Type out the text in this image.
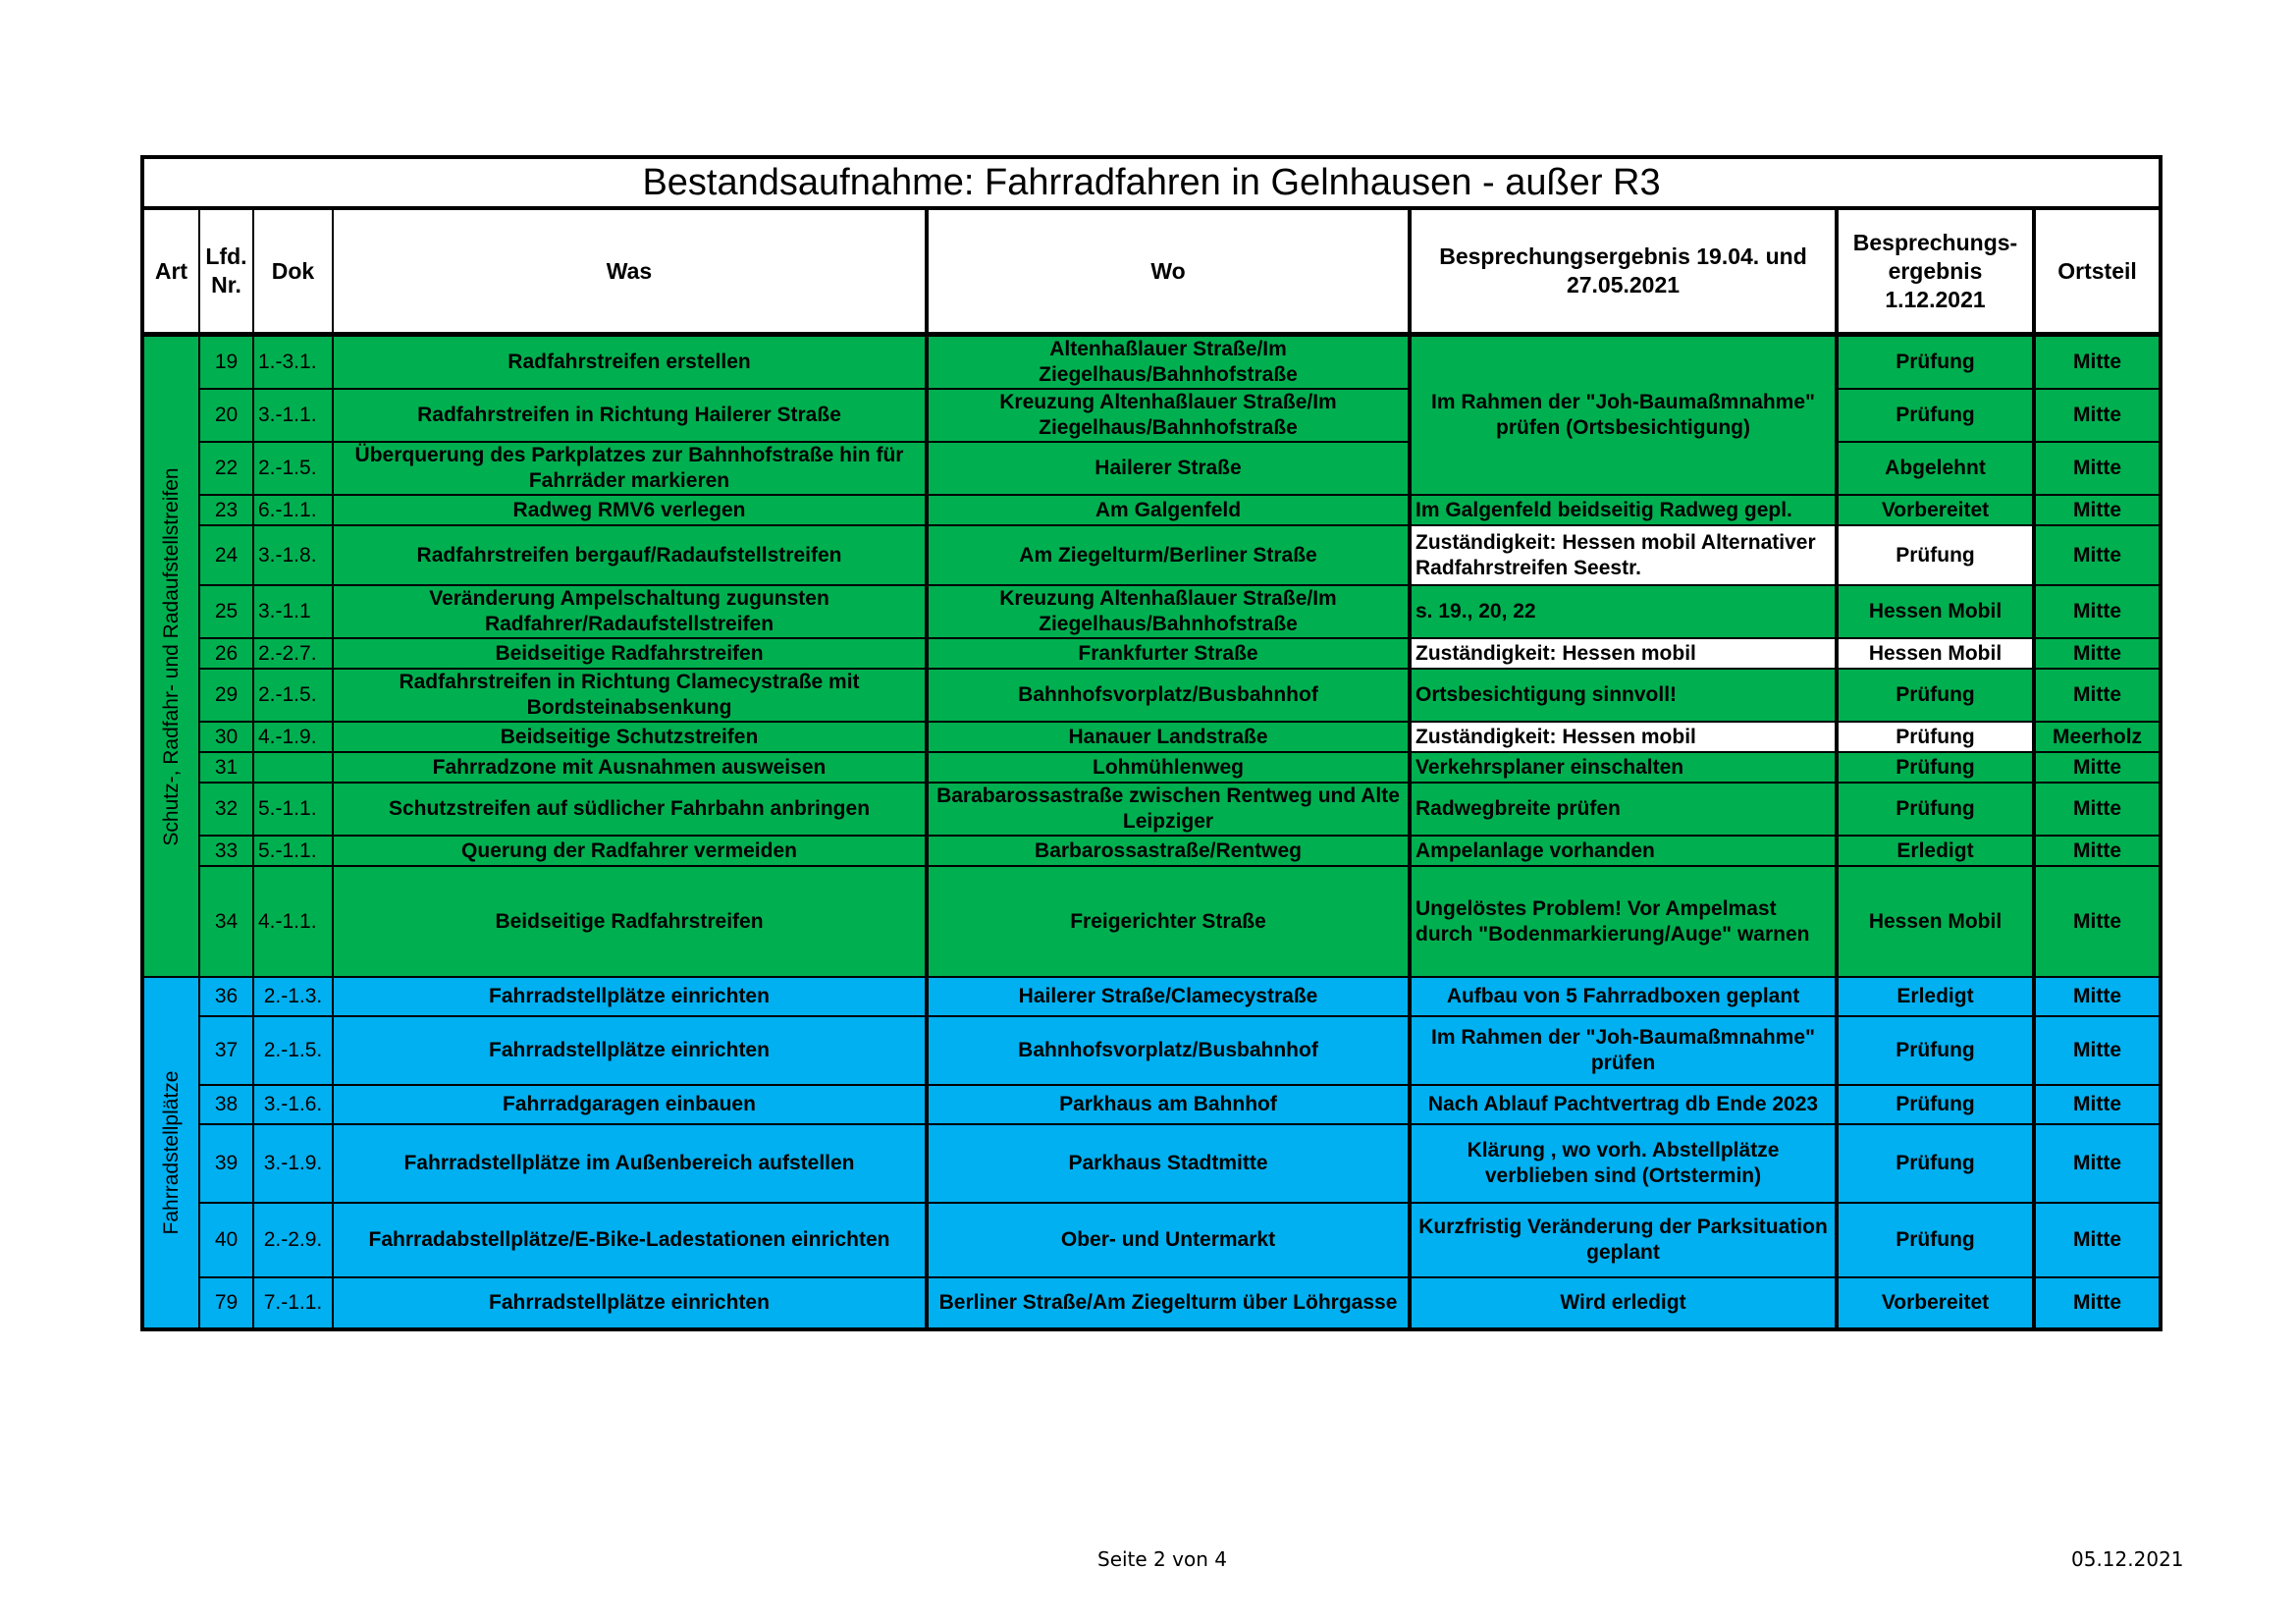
Bestandsaufnahme: Fahrradfahren in Gelnhausen - außer R3							
Art	Lfd. Nr.	Dok	Was	Wo	Besprechungsergebnis 19.04. und 27.05.2021	Besprechungs- ergebnis 1.12.2021	Ortsteil

Schutz-, Radfahr- und Radaufstellstreifen	19	1.-3.1.	Radfahrstreifen erstellen	Altenhaßlauer Straße/Im Ziegelhaus/Bahnhofstraße	Im Rahmen der "Joh-Baumaßmnahme" prüfen (Ortsbesichtigung)	Prüfung	Mitte
	20	3.-1.1.	Radfahrstreifen in Richtung Hailerer Straße	Kreuzung Altenhaßlauer Straße/Im Ziegelhaus/Bahnhofstraße		Prüfung	Mitte
	22	2.-1.5.	Überquerung des Parkplatzes zur Bahnhofstraße hin für Fahrräder markieren	Hailerer Straße		Abgelehnt	Mitte
	23	6.-1.1.	Radweg RMV6 verlegen	Am Galgenfeld	Im Galgenfeld beidseitig Radweg gepl.	Vorbereitet	Mitte
	24	3.-1.8.	Radfahrstreifen bergauf/Radaufstellstreifen	Am Ziegelturm/Berliner Straße	Zuständigkeit: Hessen mobil Alternativer Radfahrstreifen Seestr.	Prüfung	Mitte
	25	3.-1.1	Veränderung Ampelschaltung zugunsten Radfahrer/Radaufstellstreifen	Kreuzung Altenhaßlauer Straße/Im Ziegelhaus/Bahnhofstraße	s. 19., 20, 22	Hessen Mobil	Mitte
	26	2.-2.7.	Beidseitige Radfahrstreifen	Frankfurter Straße	Zuständigkeit: Hessen mobil	Hessen Mobil	Mitte
	29	2.-1.5.	Radfahrstreifen in Richtung Clamecystraße mit Bordsteinabsenkung	Bahnhofsvorplatz/Busbahnhof	Ortsbesichtigung sinnvoll!	Prüfung	Mitte
	30	4.-1.9.	Beidseitige Schutzstreifen	Hanauer Landstraße	Zuständigkeit: Hessen mobil	Prüfung	Meerholz
	31		Fahrradzone mit Ausnahmen ausweisen	Lohmühlenweg	Verkehrsplaner einschalten	Prüfung	Mitte
	32	5.-1.1.	Schutzstreifen auf südlicher Fahrbahn anbringen	Barabarossastraße zwischen Rentweg und Alte Leipziger	Radwegbreite prüfen	Prüfung	Mitte
	33	5.-1.1.	Querung der Radfahrer vermeiden	Barbarossastraße/Rentweg	Ampelanlage vorhanden	Erledigt	Mitte
	34	4.-1.1.	Beidseitige Radfahrstreifen	Freigerichter Straße	Ungelöstes Problem! Vor Ampelmast durch "Bodenmarkierung/Auge" warnen	Hessen Mobil	Mitte

Fahrradstellplätze	36	2.-1.3.	Fahrradstellplätze einrichten	Hailerer Straße/Clamecystraße	Aufbau von 5 Fahrradboxen geplant	Erledigt	Mitte
	37	2.-1.5.	Fahrradstellplätze einrichten	Bahnhofsvorplatz/Busbahnhof	Im Rahmen der "Joh-Baumaßmnahme" prüfen	Prüfung	Mitte
	38	3.-1.6.	Fahrradgaragen einbauen	Parkhaus am Bahnhof	Nach Ablauf Pachtvertrag db Ende 2023	Prüfung	Mitte
	39	3.-1.9.	Fahrradstellplätze im Außenbereich aufstellen	Parkhaus Stadtmitte	Klärung , wo vorh. Abstellplätze verblieben sind (Ortstermin)	Prüfung	Mitte
	40	2.-2.9.	Fahrradabstellplätze/E-Bike-Ladestationen einrichten	Ober- und Untermarkt	Kurzfristig Veränderung der Parksituation geplant	Prüfung	Mitte
	79	7.-1.1.	Fahrradstellplätze einrichten	Berliner Straße/Am Ziegelturm über Löhrgasse	Wird erledigt	Vorbereitet	Mitte
Seite 2 von 4	05.12.2021
